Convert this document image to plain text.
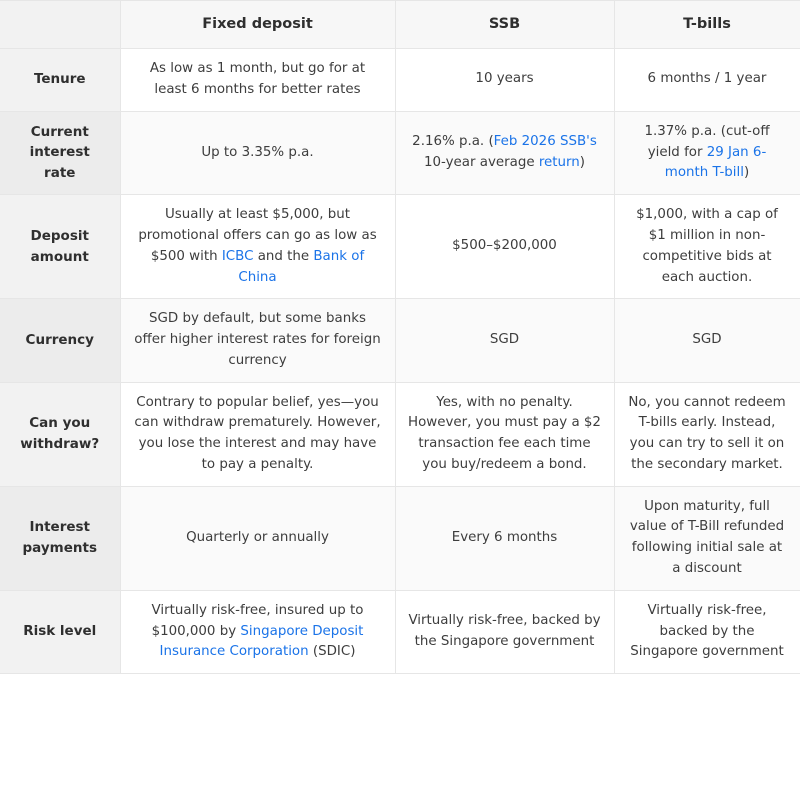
	Fixed deposit	SSB	T-bills
Tenure	As low as 1 month, but go for at least 6 months for better rates	10 years	6 months / 1 year
Current interest rate	Up to 3.35% p.a.	2.16% p.a. (Feb 2026 SSB's 10-year average return)	1.37% p.a. (cut-off yield for 29 Jan 6-month T-bill)
Deposit amount	Usually at least $5,000, but promotional offers can go as low as $500 with ICBC and the Bank of China	$500–$200,000	$1,000, with a cap of $1 million in non-competitive bids at each auction.
Currency	SGD by default, but some banks offer higher interest rates for foreign currency	SGD	SGD
Can you withdraw?	Contrary to popular belief, yes—you can withdraw prematurely. However, you lose the interest and may have to pay a penalty.	Yes, with no penalty. However, you must pay a $2 transaction fee each time you buy/redeem a bond.	No, you cannot redeem T-bills early. Instead, you can try to sell it on the secondary market.
Interest payments	Quarterly or annually	Every 6 months	Upon maturity, full value of T-Bill refunded following initial sale at a discount
Risk level	Virtually risk-free, insured up to $100,000 by Singapore Deposit Insurance Corporation (SDIC)	Virtually risk-free, backed by the Singapore government	Virtually risk-free, backed by the Singapore government
